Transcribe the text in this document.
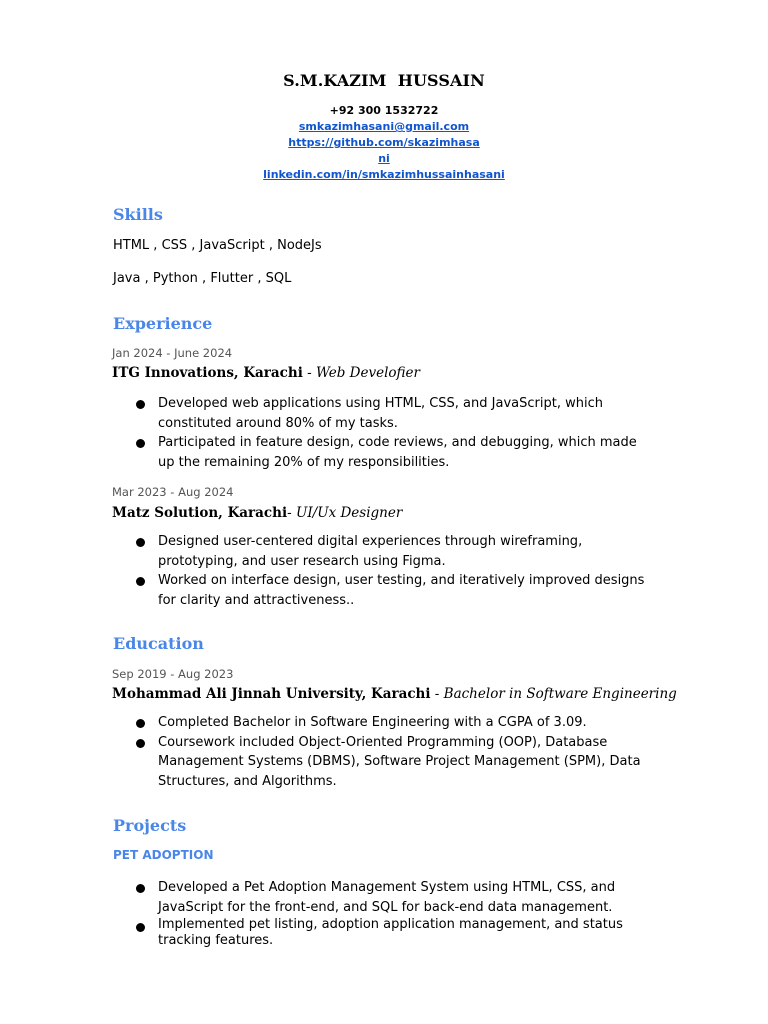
S.M.KAZIM  HUSSAIN
+92 300 1532722
smkazimhasani@gmail.com
https://github.com/skazimhasa
ni
linkedin.com/in/smkazimhussainhasani
Skills
HTML , CSS , JavaScript , NodeJs
Java , Python , Flutter , SQL
Experience
Jan 2024 - June 2024
ITG Innovations, Karachi - Web Develofier
Developed web applications using HTML, CSS, and JavaScript, which constituted around 80% of my tasks.
Participated in feature design, code reviews, and debugging, which made up the remaining 20% of my responsibilities.
Mar 2023 - Aug 2024
Matz Solution, Karachi- UI/Ux Designer
Designed user-centered digital experiences through wireframing, prototyping, and user research using Figma.
Worked on interface design, user testing, and iteratively improved designs for clarity and attractiveness..
Education
Sep 2019 - Aug 2023
Mohammad Ali Jinnah University, Karachi - Bachelor in Software Engineering
Completed Bachelor in Software Engineering with a CGPA of 3.09.
Coursework included Object-Oriented Programming (OOP), Database Management Systems (DBMS), Software Project Management (SPM), Data Structures, and Algorithms.
Projects
PET ADOPTION
Developed a Pet Adoption Management System using HTML, CSS, and JavaScript for the front-end, and SQL for back-end data management.
Implemented pet listing, adoption application management, and status tracking features.
